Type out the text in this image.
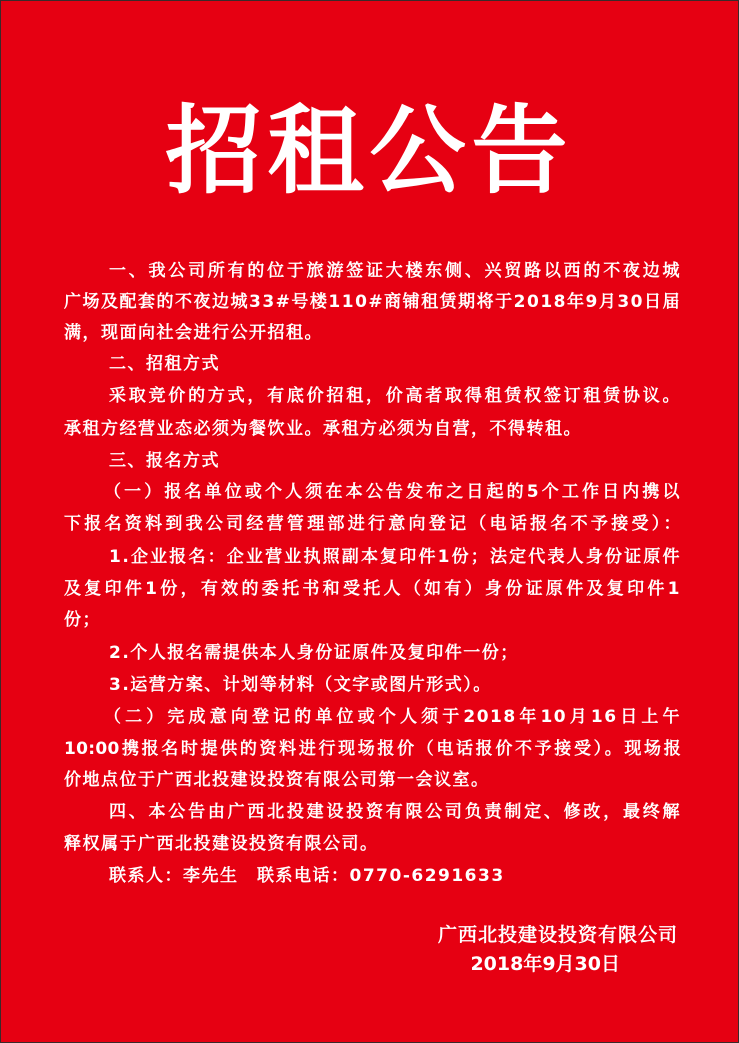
招租公告
一、我公司所有的位于旅游签证大楼东侧、兴贸路以西的不夜边城
广场及配套的不夜边城33#号楼110#商铺租赁期将于2018年9月30日届
满，现面向社会进行公开招租。
二、招租方式
采取竞价的方式，有底价招租，价高者取得租赁权签订租赁协议。
承租方经营业态必须为餐饮业。承租方必须为自营，不得转租。
三、报名方式
（一）报名单位或个人须在本公告发布之日起的5个工作日内携以
下报名资料到我公司经营管理部进行意向登记（电话报名不予接受）：
1.企业报名：企业营业执照副本复印件1份；法定代表人身份证原件
及复印件1份，有效的委托书和受托人（如有）身份证原件及复印件1
份；
2.个人报名需提供本人身份证原件及复印件一份；
3.运营方案、计划等材料（文字或图片形式）。
（二）完成意向登记的单位或个人须于2018年10月16日上午
10:00携报名时提供的资料进行现场报价（电话报价不予接受）。现场报
价地点位于广西北投建设投资有限公司第一会议室。
四、本公告由广西北投建设投资有限公司负责制定、修改，最终解
释权属于广西北投建设投资有限公司。
联系人：李先生　联系电话：0770-6291633
广西北投建设投资有限公司
2018年9月30日
